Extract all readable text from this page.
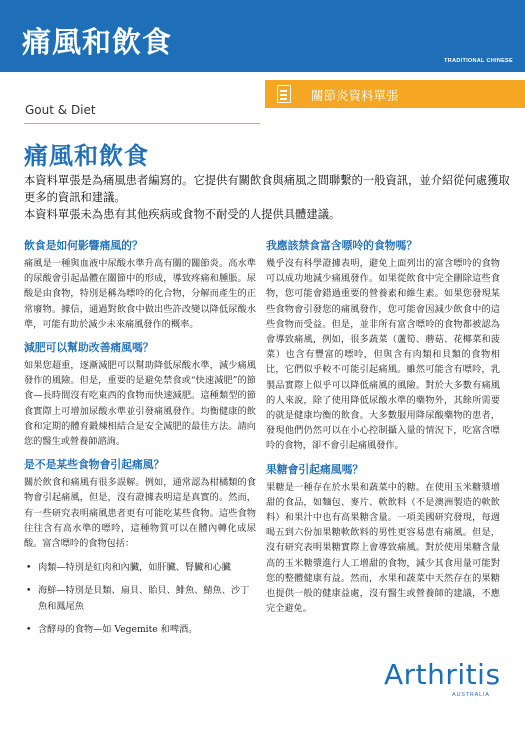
痛風和飲食
TRADITIONAL CHINESE
關節炎資料單張
Gout & Diet
痛風和飲食

本資料單張是為痛風患者編寫的。它提供有關飲食與痛風之間聯繫的一般資訊，並介紹從何處獲取更多的資訊和建議。

本資料單張未為患有其他疾病或食物不耐受的人提供具體建議。

飲食是如何影響痛風的？
痛風是一種與血液中尿酸水準升高有關的關節炎。高水準的尿酸會引起晶體在關節中的形成，導致疼痛和腫脹。尿酸是由食物，特別是稱為嘌呤的化合物，分解而產生的正常廢物。據信，通過對飲食中做出些許改變以降低尿酸水準，可能有助於減少未來痛風發作的概率。
減肥可以幫助改善痛風嗎？
如果您超重，逐漸減肥可以幫助降低尿酸水準，減少痛風發作的風險。但是，重要的是避免禁食或“快速減肥”的節食—長時間沒有吃東西的食物而快速減肥。這種類型的節食實際上可增加尿酸水準並引發痛風發作。均衡健康的飲食和定期的體育鍛煉相結合是安全減肥的最佳方法。請向您的醫生或營養師諮詢。
是不是某些食物會引起痛風？
關於飲食和痛風有很多誤解。例如，通常認為柑橘類的食物會引起痛風，但是，沒有證據表明這是真實的。然而，有一些研究表明痛風患者更有可能吃某些食物。這些食物往往含有高水準的嘌呤，這種物質可以在體內轉化成尿酸。富含嘌呤的食物包括：
• 肉類—特別是紅肉和內臟，如肝臟、腎臟和心臟
• 海鮮—特別是貝類、扇貝、貽貝、鯡魚、鯖魚、沙丁魚和鳳尾魚
• 含酵母的食物—如 Vegemite 和啤酒。
我應該禁食富含嘌呤的食物嗎？
幾乎沒有科學證據表明，避免上面列出的富含嘌呤的食物可以成功地減少痛風發作。如果從飲食中完全刪除這些食物，您可能會錯過重要的營養素和維生素。如果您發現某些食物會引發您的痛風發作，您可能會因減少飲食中的這些食物而受益。但是，並非所有富含嘌呤的食物都被認為會導致痛風，例如，很多蔬菜（蘆筍、蘑菇、花椰菜和菠菜）也含有豐富的嘌呤，但與含有肉類和貝類的食物相比，它們似乎較不可能引起痛風。雖然可能含有嘌呤，乳製品實際上似乎可以降低痛風的風險。對於大多數有痛風的人來說，除了使用降低尿酸水準的藥物外，其餘所需要的就是健康均衡的飲食。大多數服用降尿酸藥物的患者，發現他們仍然可以在小心控制攝入量的情況下，吃富含嘌呤的食物，卻不會引起痛風發作。
果糖會引起痛風嗎？
果糖是一種存在於水果和蔬菜中的糖。在使用玉米糖漿增甜的食品，如麵包、麥片、軟飲料（不是澳洲製造的軟飲料）和果汁中也有高果糖含量。一項美國研究發現，每週喝五到六份加果糖軟飲料的男性更容易患有痛風。但是，沒有研究表明果糖實際上會導致痛風。對於使用果糖含量高的玉米糖漿進行人工增甜的食物，減少其食用量可能對您的整體健康有益。然而，水果和蔬菜中天然存在的果糖也提供一般的健康益處，沒有醫生或營養師的建議，不應完全避免。
Arthritis
AUSTRALIA
